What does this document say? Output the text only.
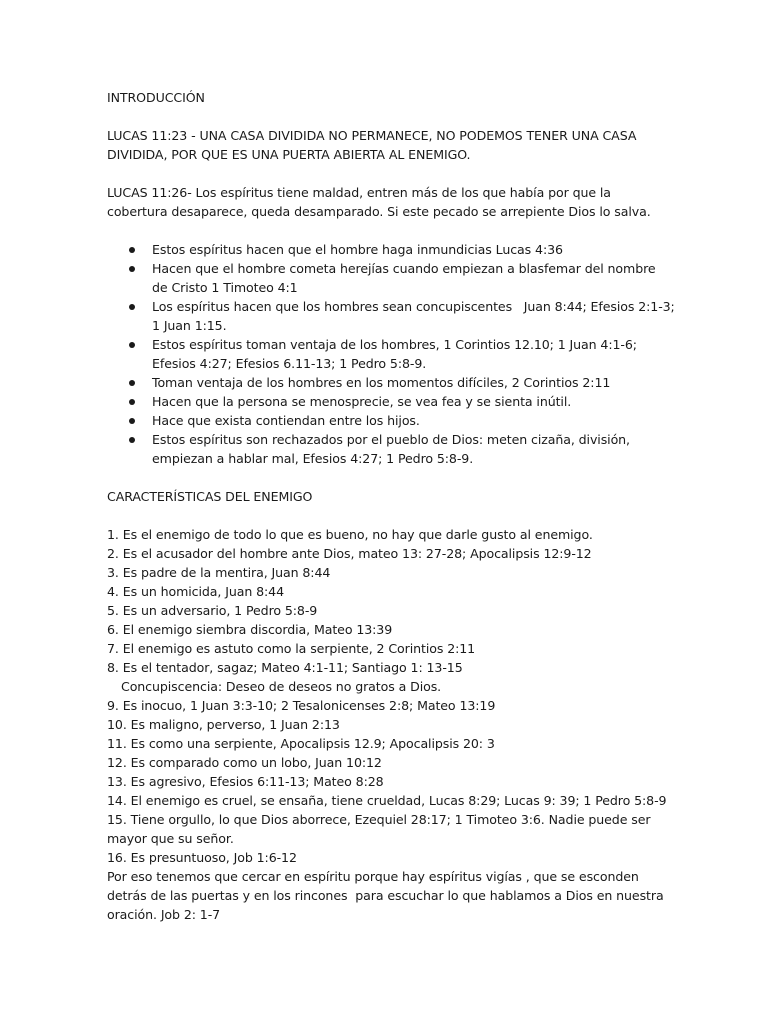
INTRODUCCIÓN
LUCAS 11:23 - UNA CASA DIVIDIDA NO PERMANECE, NO PODEMOS TENER UNA CASA
DIVIDIDA, POR QUE ES UNA PUERTA ABIERTA AL ENEMIGO.
LUCAS 11:26- Los espíritus tiene maldad, entren más de los que había por que la
cobertura desaparece, queda desamparado. Si este pecado se arrepiente Dios lo salva.
Estos espíritus hacen que el hombre haga inmundicias Lucas 4:36
Hacen que el hombre cometa herejías cuando empiezan a blasfemar del nombre
de Cristo 1 Timoteo 4:1
Los espíritus hacen que los hombres sean concupiscentes   Juan 8:44; Efesios 2:1-3;
1 Juan 1:15.
Estos espíritus toman ventaja de los hombres, 1 Corintios 12.10; 1 Juan 4:1-6;
Efesios 4:27; Efesios 6.11-13; 1 Pedro 5:8-9.
Toman ventaja de los hombres en los momentos difíciles, 2 Corintios 2:11
Hacen que la persona se menosprecie, se vea fea y se sienta inútil.
Hace que exista contiendan entre los hijos.
Estos espíritus son rechazados por el pueblo de Dios: meten cizaña, división,
empiezan a hablar mal, Efesios 4:27; 1 Pedro 5:8-9.
CARACTERÍSTICAS DEL ENEMIGO
1. Es el enemigo de todo lo que es bueno, no hay que darle gusto al enemigo.
2. Es el acusador del hombre ante Dios, mateo 13: 27-28; Apocalipsis 12:9-12
3. Es padre de la mentira, Juan 8:44
4. Es un homicida, Juan 8:44
5. Es un adversario, 1 Pedro 5:8-9
6. El enemigo siembra discordia, Mateo 13:39
7. El enemigo es astuto como la serpiente, 2 Corintios 2:11
8. Es el tentador, sagaz; Mateo 4:1-11; Santiago 1: 13-15
Concupiscencia: Deseo de deseos no gratos a Dios.
9. Es inocuo, 1 Juan 3:3-10; 2 Tesalonicenses 2:8; Mateo 13:19
10. Es maligno, perverso, 1 Juan 2:13
11. Es como una serpiente, Apocalipsis 12.9; Apocalipsis 20: 3
12. Es comparado como un lobo, Juan 10:12
13. Es agresivo, Efesios 6:11-13; Mateo 8:28
14. El enemigo es cruel, se ensaña, tiene crueldad, Lucas 8:29; Lucas 9: 39; 1 Pedro 5:8-9
15. Tiene orgullo, lo que Dios aborrece, Ezequiel 28:17; 1 Timoteo 3:6. Nadie puede ser
mayor que su señor.
16. Es presuntuoso, Job 1:6-12
Por eso tenemos que cercar en espíritu porque hay espíritus vigías , que se esconden
detrás de las puertas y en los rincones  para escuchar lo que hablamos a Dios en nuestra
oración. Job 2: 1-7
